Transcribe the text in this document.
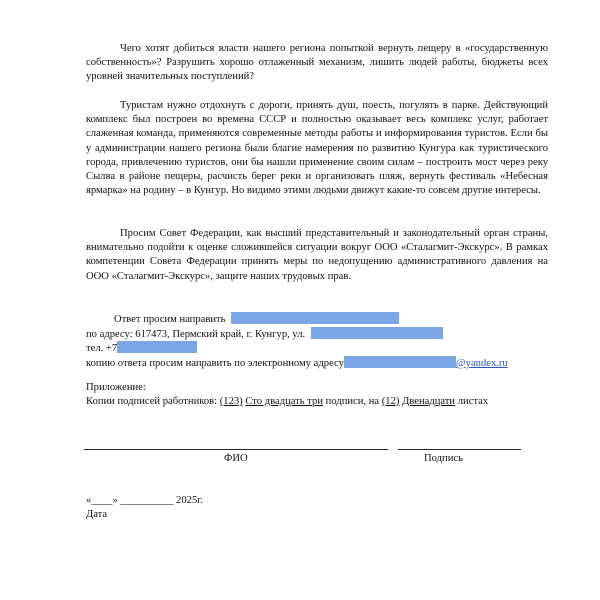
Чего хотят добиться власти нашего региона попыткой вернуть пещеру в «государственную собственность»? Разрушить хорошо отлаженный механизм, лишить людей работы, бюджеты всех уровней значительных поступлений?

Туристам нужно отдохнуть с дороги, принять душ, поесть, погулять в парке. Действующий комплекс был построен во времена СССР и полностью оказывает весь комплекс услуг, работает слаженная команда, применяются современные методы работы и информирования туристов. Если бы у администрации нашего региона были благие намерения по развитию Кунгура как туристического города, привлечению туристов, они бы нашли применение своим силам – построить мост через реку Сылва в районе пещеры, расчисть берег реки и организовать пляж, вернуть фестиваль «Небесная ярмарка» на родину – в Кунгур. Но видимо этими людьми движут какие-то совсем другие интересы.

Просим Совет Федерации, как высший представительный и законодательный орган страны, внимательно подойти к оценке сложившейся ситуации вокруг ООО «Сталагмит-Экскурс». В рамках компетенции Совета Федерации принять меры по недопущению административного давления на ООО «Сталагмит-Экскурс», защите наших трудовых прав.

Ответ просим направить
по адресу: 617473, Пермский край, г. Кунгур, ул.
тел. +7
копию ответа просим направить по электронному адресу	@yandex.ru
Приложение:
Копии подписей работников: (123) Сто двадцать три подписи, на (12) Двенадцати листах
ФИО	Подпись
«____» __________ 2025г.
Дата
